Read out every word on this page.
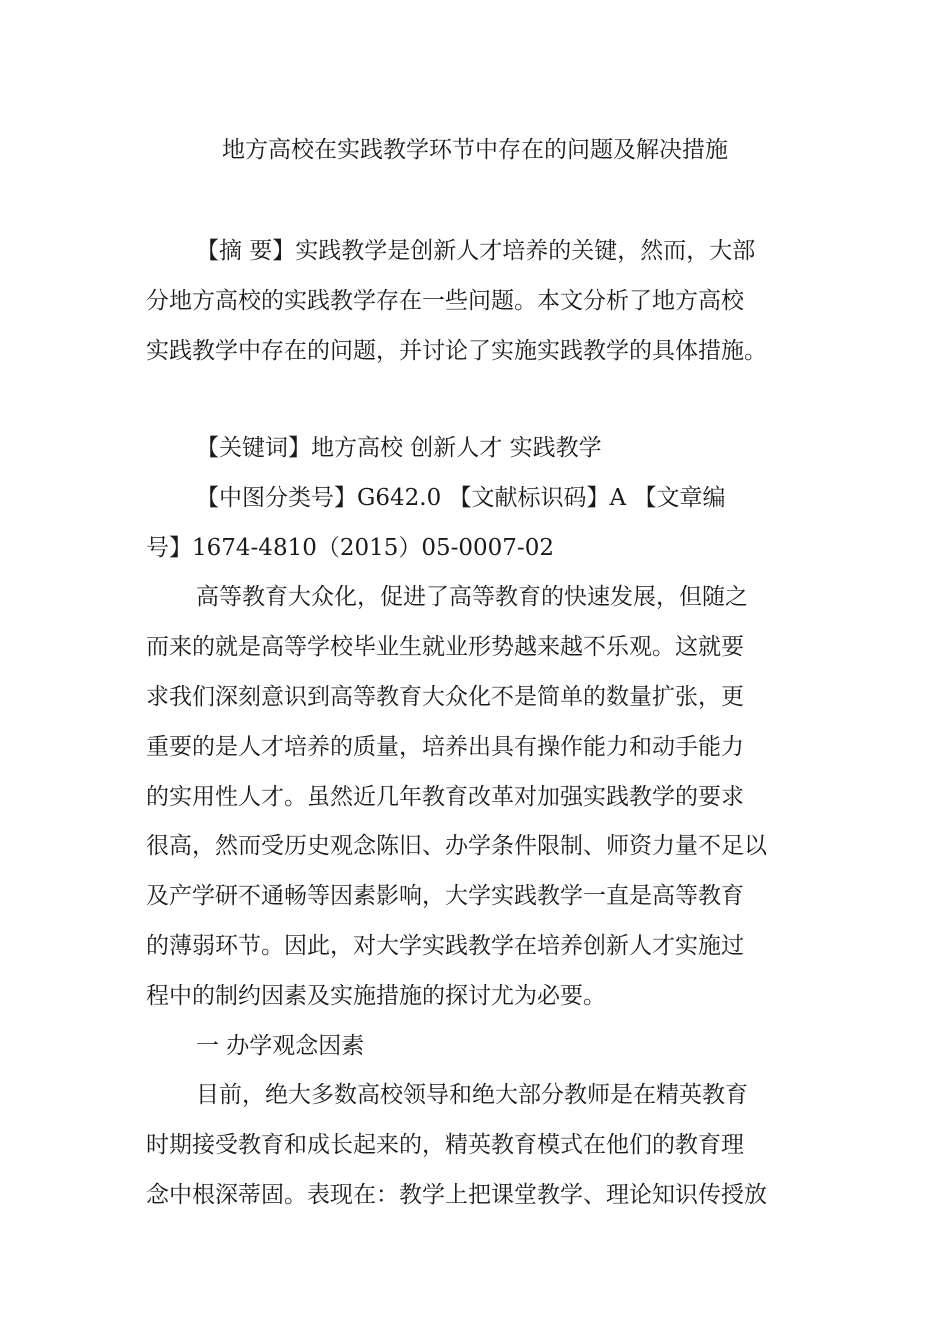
地方高校在实践教学环节中存在的问题及解决措施
【摘 要】实践教学是创新人才培养的关键，然而，大部
分地方高校的实践教学存在一些问题。本文分析了地方高校
实践教学中存在的问题，并讨论了实施实践教学的具体措施。
【关键词】地方高校 创新人才 实践教学
【中图分类号】G642.0 【文献标识码】A 【文章编
号】1674-4810（2015）05-0007-02
高等教育大众化，促进了高等教育的快速发展，但随之
而来的就是高等学校毕业生就业形势越来越不乐观。这就要
求我们深刻意识到高等教育大众化不是简单的数量扩张，更
重要的是人才培养的质量，培养出具有操作能力和动手能力
的实用性人才。虽然近几年教育改革对加强实践教学的要求
很高，然而受历史观念陈旧、办学条件限制、师资力量不足以
及产学研不通畅等因素影响，大学实践教学一直是高等教育
的薄弱环节。因此，对大学实践教学在培养创新人才实施过
程中的制约因素及实施措施的探讨尤为必要。
一 办学观念因素
目前，绝大多数高校领导和绝大部分教师是在精英教育
时期接受教育和成长起来的，精英教育模式在他们的教育理
念中根深蒂固。表现在：教学上把课堂教学、理论知识传授放
